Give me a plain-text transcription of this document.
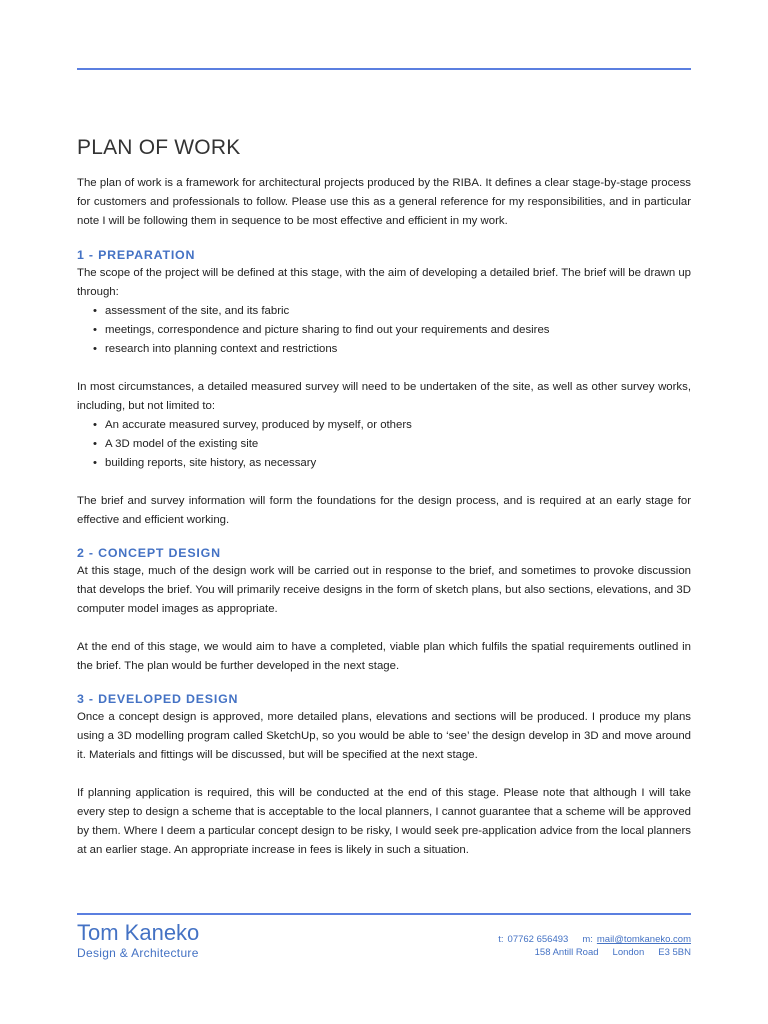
PLAN OF WORK

The plan of work is a framework for architectural projects produced by the RIBA. It defines a clear stage-by-stage process for customers and professionals to follow. Please use this as a general reference for my responsibilities, and in particular note I will be following them in sequence to be most effective and efficient in my work.

1 - PREPARATION

The scope of the project will be defined at this stage, with the aim of developing a detailed brief. The brief will be drawn up through:

• assessment of the site, and its fabric
• meetings, correspondence and picture sharing to find out your requirements and desires
• research into planning context and restrictions

In most circumstances, a detailed measured survey will need to be undertaken of the site, as well as other survey works, including, but not limited to:

• An accurate measured survey, produced by myself, or others
• A 3D model of the existing site
• building reports, site history, as necessary

The brief and survey information will form the foundations for the design process, and is required at an early stage for effective and efficient working.

2 - CONCEPT DESIGN

At this stage, much of the design work will be carried out in response to the brief, and sometimes to provoke discussion that develops the brief. You will primarily receive designs in the form of sketch plans, but also sections, elevations, and 3D computer model images as appropriate.

At the end of this stage, we would aim to have a completed, viable plan which fulfils the spatial requirements outlined in the brief. The plan would be further developed in the next stage.

3 - DEVELOPED DESIGN

Once a concept design is approved, more detailed plans, elevations and sections will be produced. I produce my plans using a 3D modelling program called SketchUp, so you would be able to ‘see’ the design develop in 3D and move around it. Materials and fittings will be discussed, but will be specified at the next stage.

If planning application is required, this will be conducted at the end of this stage. Please note that although I will take every step to design a scheme that is acceptable to the local planners, I cannot guarantee that a scheme will be approved by them. Where I deem a particular concept design to be risky, I would seek pre-application advice from the local planners at an earlier stage. An appropriate increase in fees is likely in such a situation.

Tom Kaneko
Design & Architecture
t: 07762 656493 m: mail@tomkaneko.com
158 Antill Road London E3 5BN
